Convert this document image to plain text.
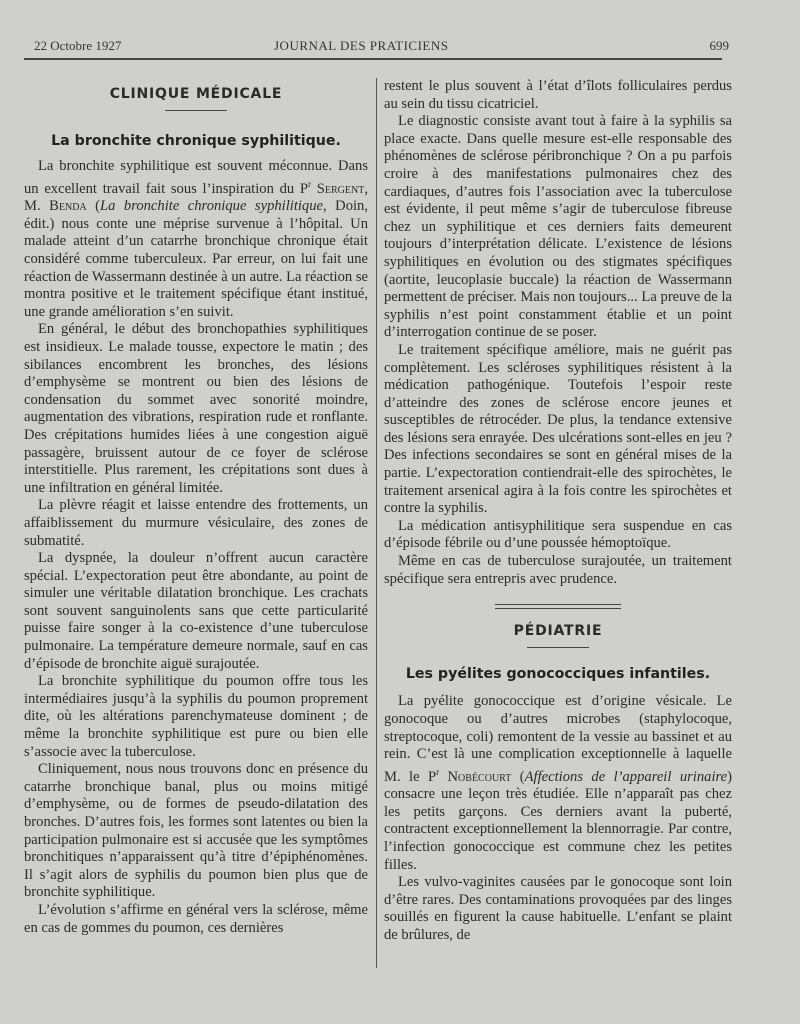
22 Octobre 1927	JOURNAL DES PRATICIENS	699
CLINIQUE MÉDICALE
La bronchite chronique syphilitique.

La bronchite syphilitique est souvent méconnue. Dans un excellent travail fait sous l’inspiration du $P^r$ Sergent, M. Benda (La bronchite chronique syphilitique, Doin, édit.) nous conte une méprise survenue à l’hôpital. Un malade atteint d’un catarrhe bronchique chronique était considéré comme tuberculeux. Par erreur, on lui fait une réaction de Wassermann destinée à un autre. La réaction se montra positive et le traitement spécifique étant institué, une grande amélioration s’en suivit.

En général, le début des bronchopathies syphilitiques est insidieux. Le malade tousse, expectore le matin ; des sibilances encombrent les bronches, des lésions d’emphysème se montrent ou bien des lésions de condensation du sommet avec sonorité moindre, augmentation des vibrations, respiration rude et ronflante. Des crépitations humides liées à une congestion aiguë passagère, bruissent autour de ce foyer de sclérose interstitielle. Plus rarement, les crépitations sont dues à une infiltration en général limitée.

La plèvre réagit et laisse entendre des frottements, un affaiblissement du murmure vésiculaire, des zones de submatité.

La dyspnée, la douleur n’offrent aucun caractère spécial. L’expectoration peut être abondante, au point de simuler une véritable dilatation bronchique. Les crachats sont souvent sanguinolents sans que cette particularité puisse faire songer à la co-existence d’une tuberculose pulmonaire. La température demeure normale, sauf en cas d’épisode de bronchite aiguë surajoutée.

La bronchite syphilitique du poumon offre tous les intermédiaires jusqu’à la syphilis du poumon proprement dite, où les altérations parenchymateuse dominent ; de même la bronchite syphilitique est pure ou bien elle s’associe avec la tuberculose.

Cliniquement, nous nous trouvons donc en présence du catarrhe bronchique banal, plus ou moins mitigé d’emphysème, ou de formes de pseudo-dilatation des bronches. D’autres fois, les formes sont latentes ou bien la participation pulmonaire est si accusée que les symptômes bronchitiques n’apparaissent qu’à titre d’épiphénomènes. Il s’agit alors de syphilis du poumon bien plus que de bronchite syphilitique.

L’évolution s’affirme en général vers la sclérose, même en cas de gommes du poumon, ces dernières

restent le plus souvent à l’état d’îlots folliculaires perdus au sein du tissu cicatriciel.

Le diagnostic consiste avant tout à faire à la syphilis sa place exacte. Dans quelle mesure est-elle responsable des phénomènes de sclérose péribronchique ? On a pu parfois croire à des manifestations pulmonaires chez des cardiaques, d’autres fois l’association avec la tuberculose est évidente, il peut même s’agir de tuberculose fibreuse chez un syphilitique et ces derniers faits demeurent toujours d’interprétation délicate. L’existence de lésions syphilitiques en évolution ou des stigmates spécifiques (aortite, leucoplasie buccale) la réaction de Wassermann permettent de préciser. Mais non toujours... La preuve de la syphilis n’est point constamment établie et un point d’interrogation continue de se poser.

Le traitement spécifique améliore, mais ne guérit pas complètement. Les scléroses syphilitiques résistent à la médication pathogénique. Toutefois l’espoir reste d’atteindre des zones de sclérose encore jeunes et susceptibles de rétrocéder. De plus, la tendance extensive des lésions sera enrayée. Des ulcérations sont-elles en jeu ? Des infections secondaires se sont en général mises de la partie. L’expectoration contiendrait-elle des spirochètes, le traitement arsenical agira à la fois contre les spirochètes et contre la syphilis.

La médication antisyphilitique sera suspendue en cas d’épisode fébrile ou d’une poussée hémoptoïque.

Même en cas de tuberculose surajoutée, un traitement spécifique sera entrepris avec prudence.

PÉDIATRIE
Les pyélites gonococciques infantiles.

La pyélite gonococcique est d’origine vésicale. Le gonocoque ou d’autres microbes (staphylocoque, streptocoque, coli) remontent de la vessie au bassinet et au rein. C’est là une complication exceptionnelle à laquelle M. le $P^r$ Nobécourt (Affections de l’appareil urinaire) consacre une leçon très étudiée. Elle n’apparaît pas chez les petits garçons. Ces derniers avant la puberté, contractent exceptionnellement la blennorragie. Par contre, l’infection gonococcique est commune chez les petites filles.

Les vulvo-vaginites causées par le gonocoque sont loin d’être rares. Des contaminations provoquées par des linges souillés en figurent la cause habituelle. L’enfant se plaint de brûlures, de
